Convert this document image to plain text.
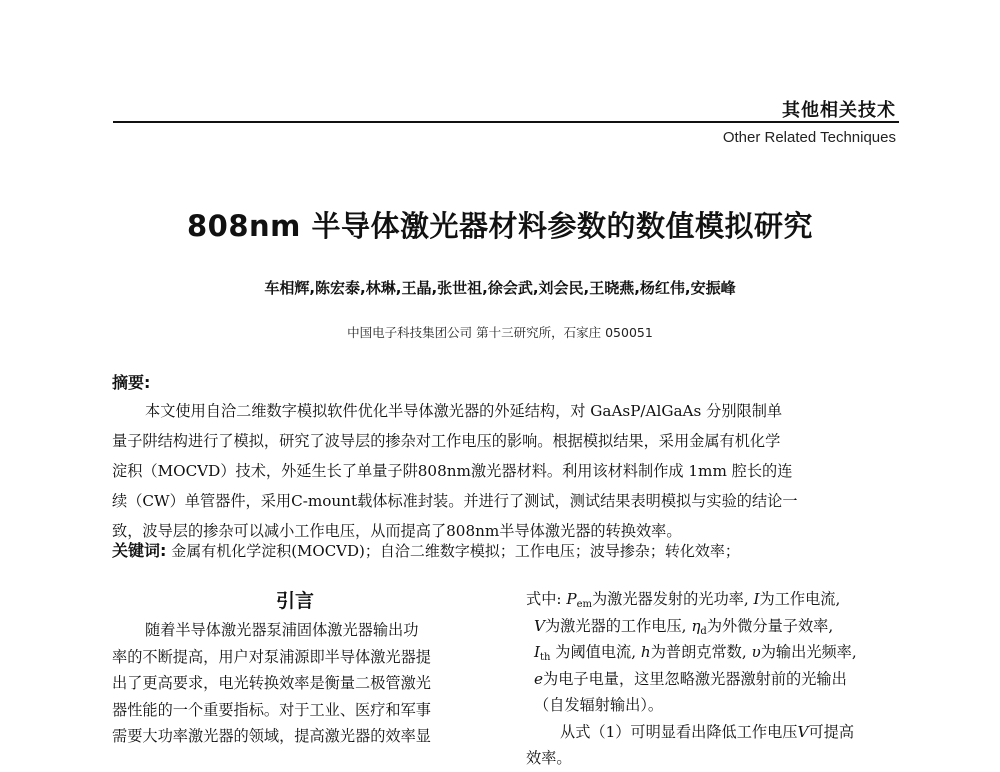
其他相关技术
Other Related Techniques
808nm 半导体激光器材料参数的数值模拟研究
车相辉,陈宏泰,林琳,王晶,张世祖,徐会武,刘会民,王晓燕,杨红伟,安振峰
中国电子科技集团公司 第十三研究所，石家庄 050051
摘要:
本文使用自洽二维数字模拟软件优化半导体激光器的外延结构，对 GaAsP/AlGaAs 分别限制单
量子阱结构进行了模拟，研究了波导层的掺杂对工作电压的影响。根据模拟结果，采用金属有机化学
淀积（MOCVD）技术，外延生长了单量子阱808nm激光器材料。利用该材料制作成 1mm 腔长的连
续（CW）单管器件，采用C-mount载体标准封装。并进行了测试，测试结果表明模拟与实验的结论一
致，波导层的掺杂可以减小工作电压，从而提高了808nm半导体激光器的转换效率。
关键词: 金属有机化学淀积(MOCVD)；自洽二维数字模拟；工作电压；波导掺杂；转化效率；
引言
随着半导体激光器泵浦固体激光器输出功
率的不断提高，用户对泵浦源即半导体激光器提
出了更高要求，电光转换效率是衡量二极管激光
器性能的一个重要指标。对于工业、医疗和军事
需要大功率激光器的领域，提高激光器的效率显
式中: $P_{em}$为激光器发射的光功率, I为工作电流,
V为激光器的工作电压, $\eta_d$为外微分量子效率,
$I_{th}$ 为阈值电流, h为普朗克常数, υ为输出光频率,
e为电子电量，这里忽略激光器激射前的光输出
（自发辐射输出）。
从式（1）可明显看出降低工作电压V可提高
效率。
